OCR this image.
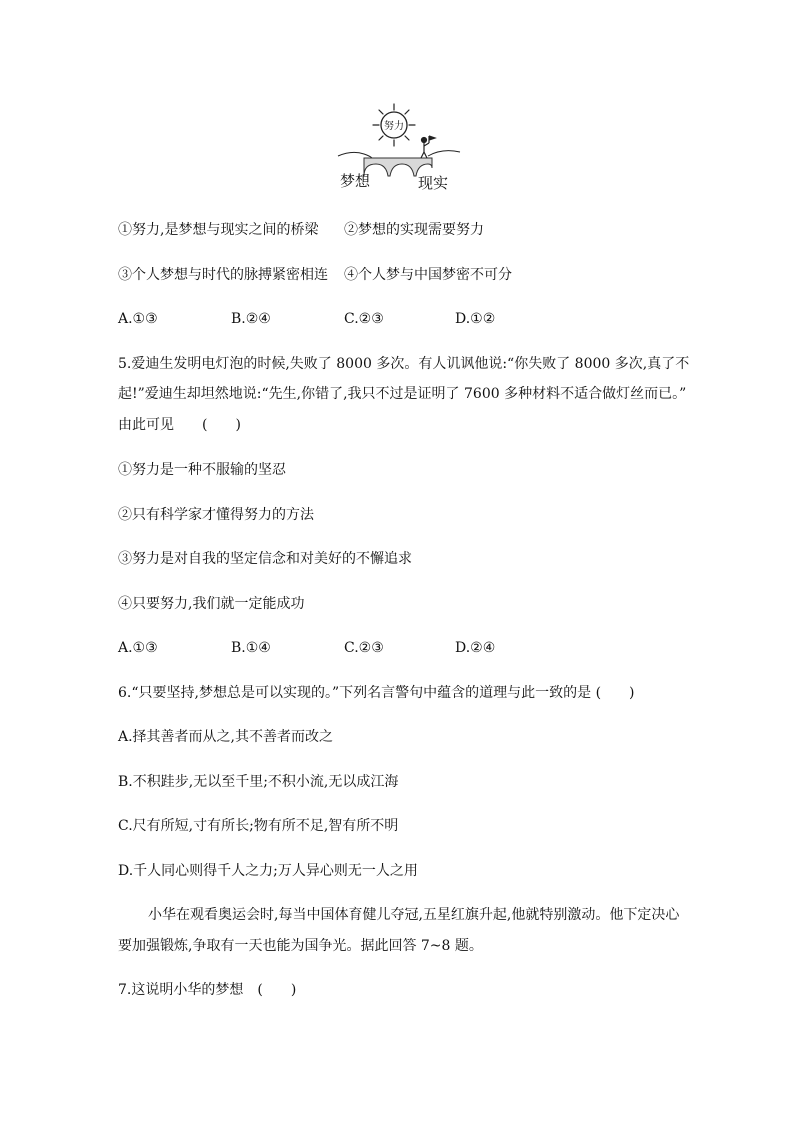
努力
梦想	现实
①努力,是梦想与现实之间的桥梁 ②梦想的实现需要努力
③个人梦想与时代的脉搏紧密相连 ④个人梦与中国梦密不可分
A.①③	B.②④	C.②③	D.①②
5.爱迪生发明电灯泡的时候,失败了 8000 多次。有人讥讽他说:“你失败了 8000 多次,真了不
起!”爱迪生却坦然地说:“先生,你错了,我只不过是证明了 7600 多种材料不适合做灯丝而已。”
由此可见　　(　　)
①努力是一种不服输的坚忍
②只有科学家才懂得努力的方法
③努力是对自我的坚定信念和对美好的不懈追求
④只要努力,我们就一定能成功
A.①③	B.①④	C.②③	D.②④
6.“只要坚持,梦想总是可以实现的。”下列名言警句中蕴含的道理与此一致的是 (　　)
A.择其善者而从之,其不善者而改之
B.不积跬步,无以至千里;不积小流,无以成江海
C.尺有所短,寸有所长;物有所不足,智有所不明
D.千人同心则得千人之力;万人异心则无一人之用
小华在观看奥运会时,每当中国体育健儿夺冠,五星红旗升起,他就特别激动。他下定决心
要加强锻炼,争取有一天也能为国争光。据此回答 7~8 题。
7.这说明小华的梦想　(　　)
